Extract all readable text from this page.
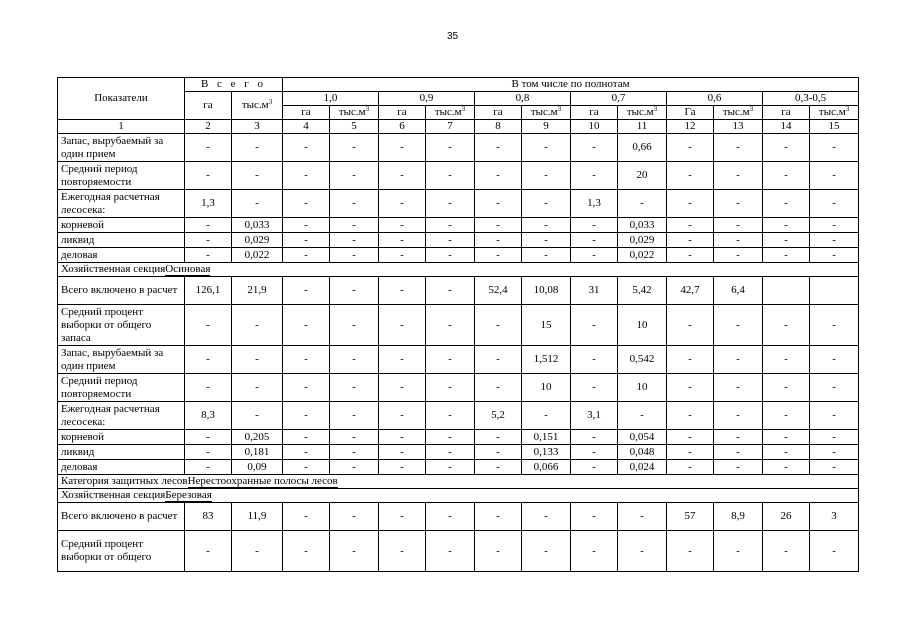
35
Показатели	В с е г о		В том числе по полнотам											
	га	$тыс.м^3$	1,0		0,9		0,8		0,7		0,6		0,3-0,5	
			га	$тыс.м^3$	га	$тыс.м^3$	га	$тыс.м^3$	га	$тыс.м^3$	Га	$тыс.м^3$	га	$тыс.м^3$
1	2	3	4	5	6	7	8	9	10	11	12	13	14	15
Запас, вырубаемый за один прием	-	-	-	-	-	-	-	-	-	0,66	-	-	-	-
Средний период повторяемости	-	-	-	-	-	-	-	-	-	20	-	-	-	-
Ежегодная расчетная лесосека:	1,3	-	-	-	-	-	-	-	1,3	-	-	-	-	-
корневой	-	0,033	-	-	-	-	-	-	-	0,033	-	-	-	-
ликвид	-	0,029	-	-	-	-	-	-	-	0,029	-	-	-	-
деловая	-	0,022	-	-	-	-	-	-	-	0,022	-	-	-	-
Хозяйственная секцияОсиновая														
Всего включено в расчет	126,1	21,9	-	-	-	-	52,4	10,08	31	5,42	42,7	6,4		
Средний процент выборки от общего запаса	-	-	-	-	-	-	-	15	-	10	-	-	-	-
Запас, вырубаемый за один прием	-	-	-	-	-	-	-	1,512	-	0,542	-	-	-	-
Средний период повторяемости	-	-	-	-	-	-	-	10	-	10	-	-	-	-
Ежегодная расчетная лесосека:	8,3	-	-	-	-	-	5,2	-	3,1	-	-	-	-	-
корневой	-	0,205	-	-	-	-	-	0,151	-	0,054	-	-	-	-
ликвид	-	0,181	-	-	-	-	-	0,133	-	0,048	-	-	-	-
деловая	-	0,09	-	-	-	-	-	0,066	-	0,024	-	-	-	-
Категория защитных лесовНерестоохранные полосы лесов														
Хозяйственная секцияБерезовая														
Всего включено в расчет	83	11,9	-	-	-	-	-	-	-	-	57	8,9	26	3
Средний процент выборки от общего	-	-	-	-	-	-	-	-	-	-	-	-	-	-
